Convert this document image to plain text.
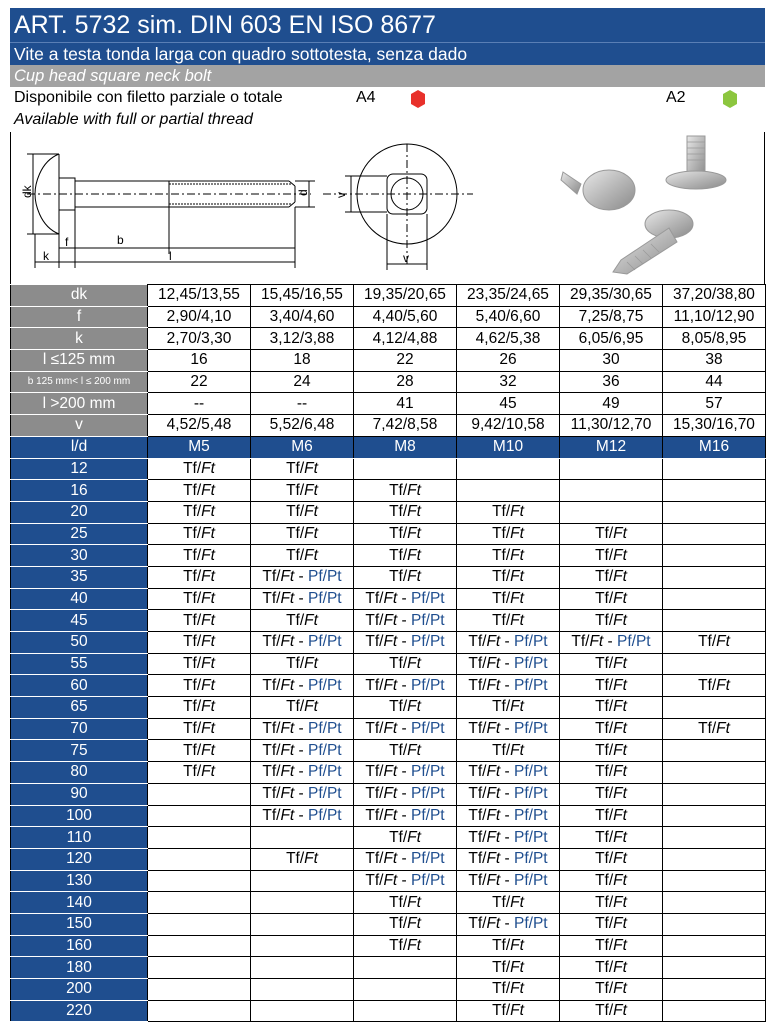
ART. 5732 sim. DIN 603 EN ISO 8677
Vite a testa tonda larga con quadro sottotesta, senza dado
Cup head square neck bolt
Disponibile con filetto parziale o totale
Available with full or partial thread
A4	A2
dk	d
f	b
l
k
v
v
dk	12,45/13,55	15,45/16,55	19,35/20,65	23,35/24,65	29,35/30,65	37,20/38,80
f	2,90/4,10	3,40/4,60	4,40/5,60	5,40/6,60	7,25/8,75	11,10/12,90
k	2,70/3,30	3,12/3,88	4,12/4,88	4,62/5,38	6,05/6,95	8,05/8,95
l ≤125 mm	16	18	22	26	30	38
b 125 mm< l ≤ 200 mm	22	24	28	32	36	44
l >200 mm	--	--	41	45	49	57
v	4,52/5,48	5,52/6,48	7,42/8,58	9,42/10,58	11,30/12,70	15,30/16,70
l/d	M5	M6	M8	M10	M12	M16
12	Tf/Ft	Tf/Ft				
16	Tf/Ft	Tf/Ft	Tf/Ft			
20	Tf/Ft	Tf/Ft	Tf/Ft	Tf/Ft		
25	Tf/Ft	Tf/Ft	Tf/Ft	Tf/Ft	Tf/Ft	
30	Tf/Ft	Tf/Ft	Tf/Ft	Tf/Ft	Tf/Ft	
35	Tf/Ft	Tf/Ft - Pf/Pt	Tf/Ft	Tf/Ft	Tf/Ft	
40	Tf/Ft	Tf/Ft - Pf/Pt	Tf/Ft - Pf/Pt	Tf/Ft	Tf/Ft	
45	Tf/Ft	Tf/Ft	Tf/Ft - Pf/Pt	Tf/Ft	Tf/Ft	
50	Tf/Ft	Tf/Ft - Pf/Pt	Tf/Ft - Pf/Pt	Tf/Ft - Pf/Pt	Tf/Ft - Pf/Pt	Tf/Ft
55	Tf/Ft	Tf/Ft	Tf/Ft	Tf/Ft - Pf/Pt	Tf/Ft	
60	Tf/Ft	Tf/Ft - Pf/Pt	Tf/Ft - Pf/Pt	Tf/Ft - Pf/Pt	Tf/Ft	Tf/Ft
65	Tf/Ft	Tf/Ft	Tf/Ft	Tf/Ft	Tf/Ft	
70	Tf/Ft	Tf/Ft - Pf/Pt	Tf/Ft - Pf/Pt	Tf/Ft - Pf/Pt	Tf/Ft	Tf/Ft
75	Tf/Ft	Tf/Ft - Pf/Pt	Tf/Ft	Tf/Ft	Tf/Ft	
80	Tf/Ft	Tf/Ft - Pf/Pt	Tf/Ft - Pf/Pt	Tf/Ft - Pf/Pt	Tf/Ft	
90		Tf/Ft - Pf/Pt	Tf/Ft - Pf/Pt	Tf/Ft - Pf/Pt	Tf/Ft	
100		Tf/Ft - Pf/Pt	Tf/Ft - Pf/Pt	Tf/Ft - Pf/Pt	Tf/Ft	
110			Tf/Ft	Tf/Ft - Pf/Pt	Tf/Ft	
120		Tf/Ft	Tf/Ft - Pf/Pt	Tf/Ft - Pf/Pt	Tf/Ft	
130			Tf/Ft - Pf/Pt	Tf/Ft - Pf/Pt	Tf/Ft	
140			Tf/Ft	Tf/Ft	Tf/Ft	
150			Tf/Ft	Tf/Ft - Pf/Pt	Tf/Ft	
160			Tf/Ft	Tf/Ft	Tf/Ft	
180				Tf/Ft	Tf/Ft	
200				Tf/Ft	Tf/Ft	
220				Tf/Ft	Tf/Ft	
